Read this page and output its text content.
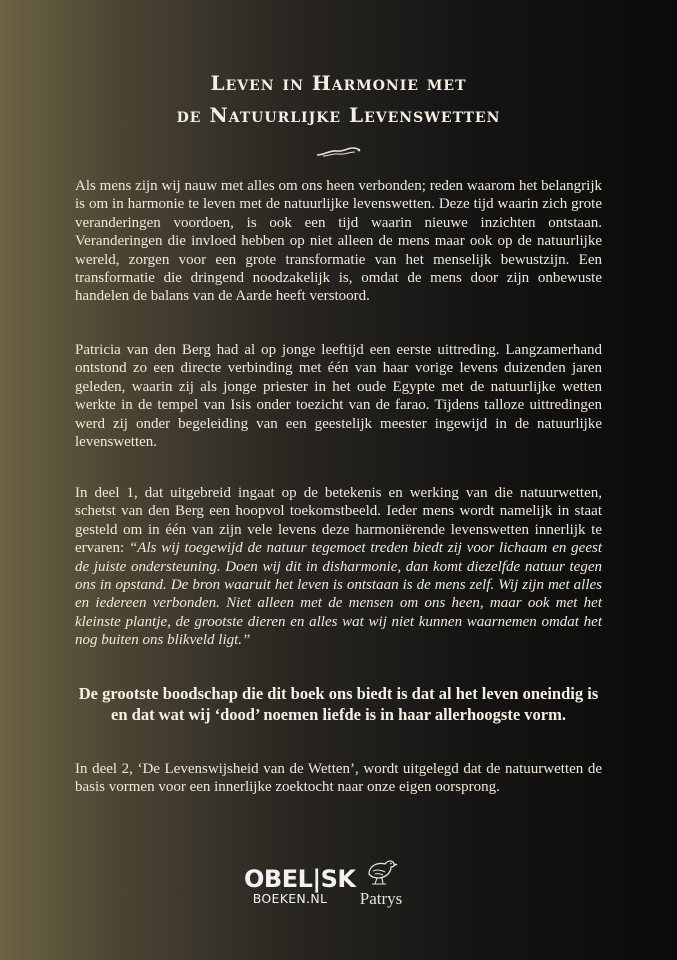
Leven in Harmonie met
de Natuurlijke Levenswetten

Als mens zijn wij nauw met alles om ons heen verbonden; reden waarom het belangrijk is om in harmonie te leven met de natuurlijke levenswetten. Deze tijd waarin zich grote veranderingen voordoen, is ook een tijd waarin nieuwe inzichten ontstaan. Veranderingen die invloed hebben op niet alleen de mens maar ook op de natuurlijke wereld, zorgen voor een grote transformatie van het menselijk bewustzijn. Een transformatie die dringend noodzakelijk is, omdat de mens door zijn onbewuste handelen de balans van de Aarde heeft verstoord.

Patricia van den Berg had al op jonge leeftijd een eerste uittreding. Langzamerhand ontstond zo een directe verbinding met één van haar vorige levens duizenden jaren geleden, waarin zij als jonge priester in het oude Egypte met de natuurlijke wetten werkte in de tempel van Isis onder toezicht van de farao. Tijdens talloze uittredingen werd zij onder begeleiding van een geestelijk meester ingewijd in de natuurlijke levenswetten.

In deel 1, dat uitgebreid ingaat op de betekenis en werking van die natuurwetten, schetst van den Berg een hoopvol toekomstbeeld. Ieder mens wordt namelijk in staat gesteld om in één van zijn vele levens deze harmoniërende levenswetten innerlijk te ervaren: “Als wij toegewijd de natuur tegemoet treden biedt zij voor lichaam en geest de juiste ondersteuning. Doen wij dit in disharmonie, dan komt diezelfde natuur tegen ons in opstand. De bron waaruit het leven is ontstaan is de mens zelf. Wij zijn met alles en iedereen verbonden. Niet alleen met de mensen om ons heen, maar ook met het kleinste plantje, de grootste dieren en alles wat wij niet kunnen waarnemen omdat het nog buiten ons blikveld ligt.”

De grootste boodschap die dit boek ons biedt is dat al het leven oneindig is en dat wat wij ‘dood’ noemen liefde is in haar allerhoogste vorm.

In deel 2, ‘De Levenswijsheid van de Wetten’, wordt uitgelegd dat de natuurwetten de basis vormen voor een innerlijke zoektocht naar onze eigen oorsprong.

OBEL|SK
BOEKEN.NL	Patrys
